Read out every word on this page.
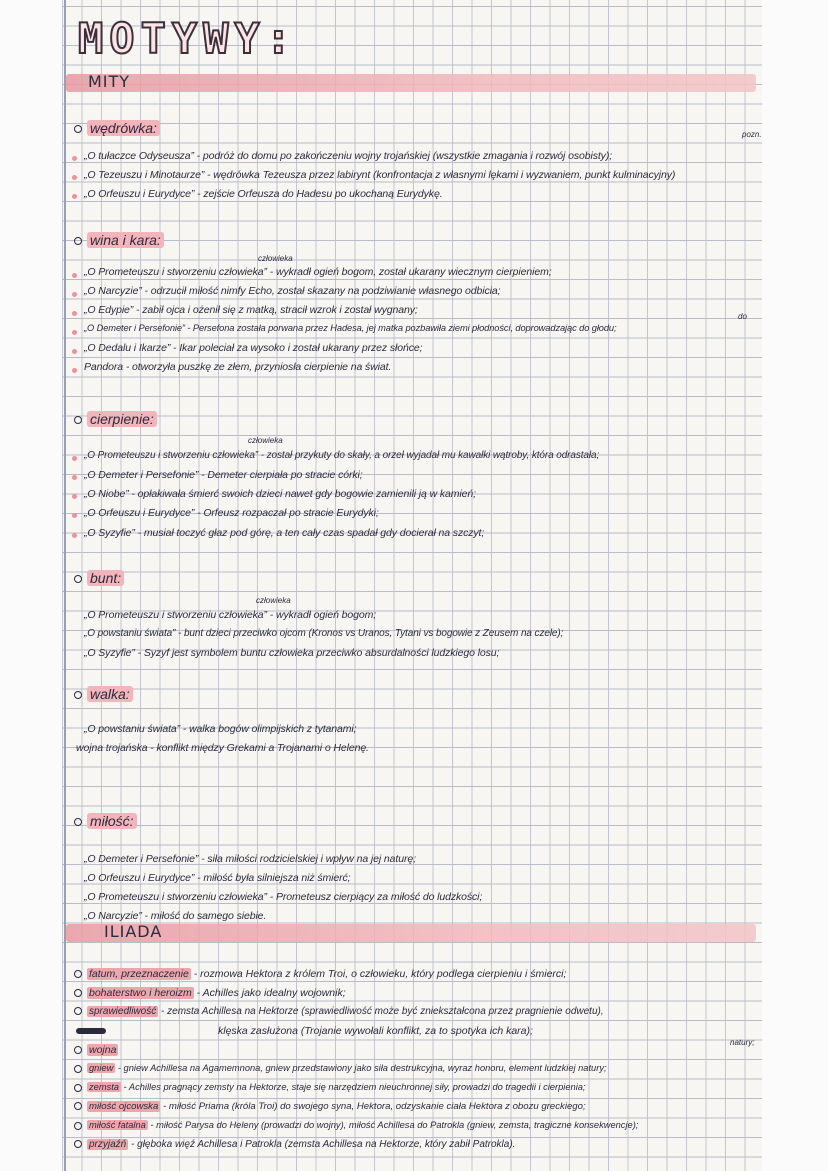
MOTYWY:
MITY
wędrówka:	pozn.
„O tułaczce Odyseusza” - podróż do domu po zakończeniu wojny trojańskiej (wszystkie zmagania i rozwój osobisty);
„O Tezeuszu i Minotaurze” - wędrówka Tezeusza przez labirynt (konfrontacja z własnymi lękami i wyzwaniem, punkt kulminacyjny)
„O Orfeuszu i Eurydyce” - zejście Orfeusza do Hadesu po ukochaną Eurydykę.
wina i kara:
człowieka
„O Prometeuszu i stworzeniu człowieka” - wykradł ogień bogom, został ukarany wiecznym cierpieniem;
„O Narcyzie” - odrzucił miłość nimfy Echo, został skazany na podziwianie własnego odbicia;
„O Edypie” - zabił ojca i ożenił się z matką, stracił wzrok i został wygnany;
do
„O Demeter i Persefonie” - Persefona została porwana przez Hadesa, jej matka pozbawiła ziemi płodności, doprowadzając do głodu;
„O Dedalu i Ikarze” - Ikar poleciał za wysoko i został ukarany przez słońce;
Pandora - otworzyła puszkę ze złem, przyniosła cierpienie na świat.
cierpienie:
człowieka
„O Prometeuszu i stworzeniu człowieka” - został przykuty do skały, a orzeł wyjadał mu kawałki wątroby, która odrastała;
„O Demeter i Persefonie” - Demeter cierpiała po stracie córki;
„O Niobe” - opłakiwała śmierć swoich dzieci nawet gdy bogowie zamienili ją w kamień;
„O Orfeuszu i Eurydyce” - Orfeusz rozpaczał po stracie Eurydyki;
„O Syzyfie” - musiał toczyć głaz pod górę, a ten cały czas spadał gdy docierał na szczyt;
bunt:
człowieka
„O Prometeuszu i stworzeniu człowieka” - wykradł ogień bogom;
„O powstaniu świata” - bunt dzieci przeciwko ojcom (Kronos vs Uranos, Tytani vs bogowie z Zeusem na czele);
„O Syzyfie” - Syzyf jest symbolem buntu człowieka przeciwko absurdalności ludzkiego losu;
walka:
„O powstaniu świata” - walka bogów olimpijskich z tytanami;
wojna trojańska - konflikt między Grekami a Trojanami o Helenę.
miłość:
„O Demeter i Persefonie” - siła miłości rodzicielskiej i wpływ na jej naturę;
„O Orfeuszu i Eurydyce” - miłość była silniejsza niż śmierć;
„O Prometeuszu i stworzeniu człowieka” - Prometeusz cierpiący za miłość do ludzkości;
„O Narcyzie” - miłość do samego siebie.
ILIADA
fatum, przeznaczenie - rozmowa Hektora z królem Troi, o człowieku, który podlega cierpieniu i śmierci;
bohaterstwo i heroizm - Achilles jako idealny wojownik;
sprawiedliwość - zemsta Achillesa na Hektorze (sprawiedliwość może być zniekształcona przez pragnienie odwetu),
klęska zasłużona (Trojanie wywołali konflikt, za to spotyka ich kara);
natury;
wojna
gniew - gniew Achillesa na Agamemnona, gniew przedstawiony jako siła destrukcyjna, wyraz honoru, element ludzkiej natury;
zemsta - Achilles pragnący zemsty na Hektorze, staje się narzędziem nieuchronnej siły, prowadzi do tragedii i cierpienia;
miłość ojcowska - miłość Priama (króla Troi) do swojego syna, Hektora, odzyskanie ciała Hektora z obozu greckiego;
miłość fatalna - miłość Parysa do Heleny (prowadzi do wojny), miłość Achillesa do Patrokla (gniew, zemsta, tragiczne konsekwencje);
przyjaźń - głęboka więź Achillesa i Patrokla (zemsta Achillesa na Hektorze, który zabił Patrokla).
